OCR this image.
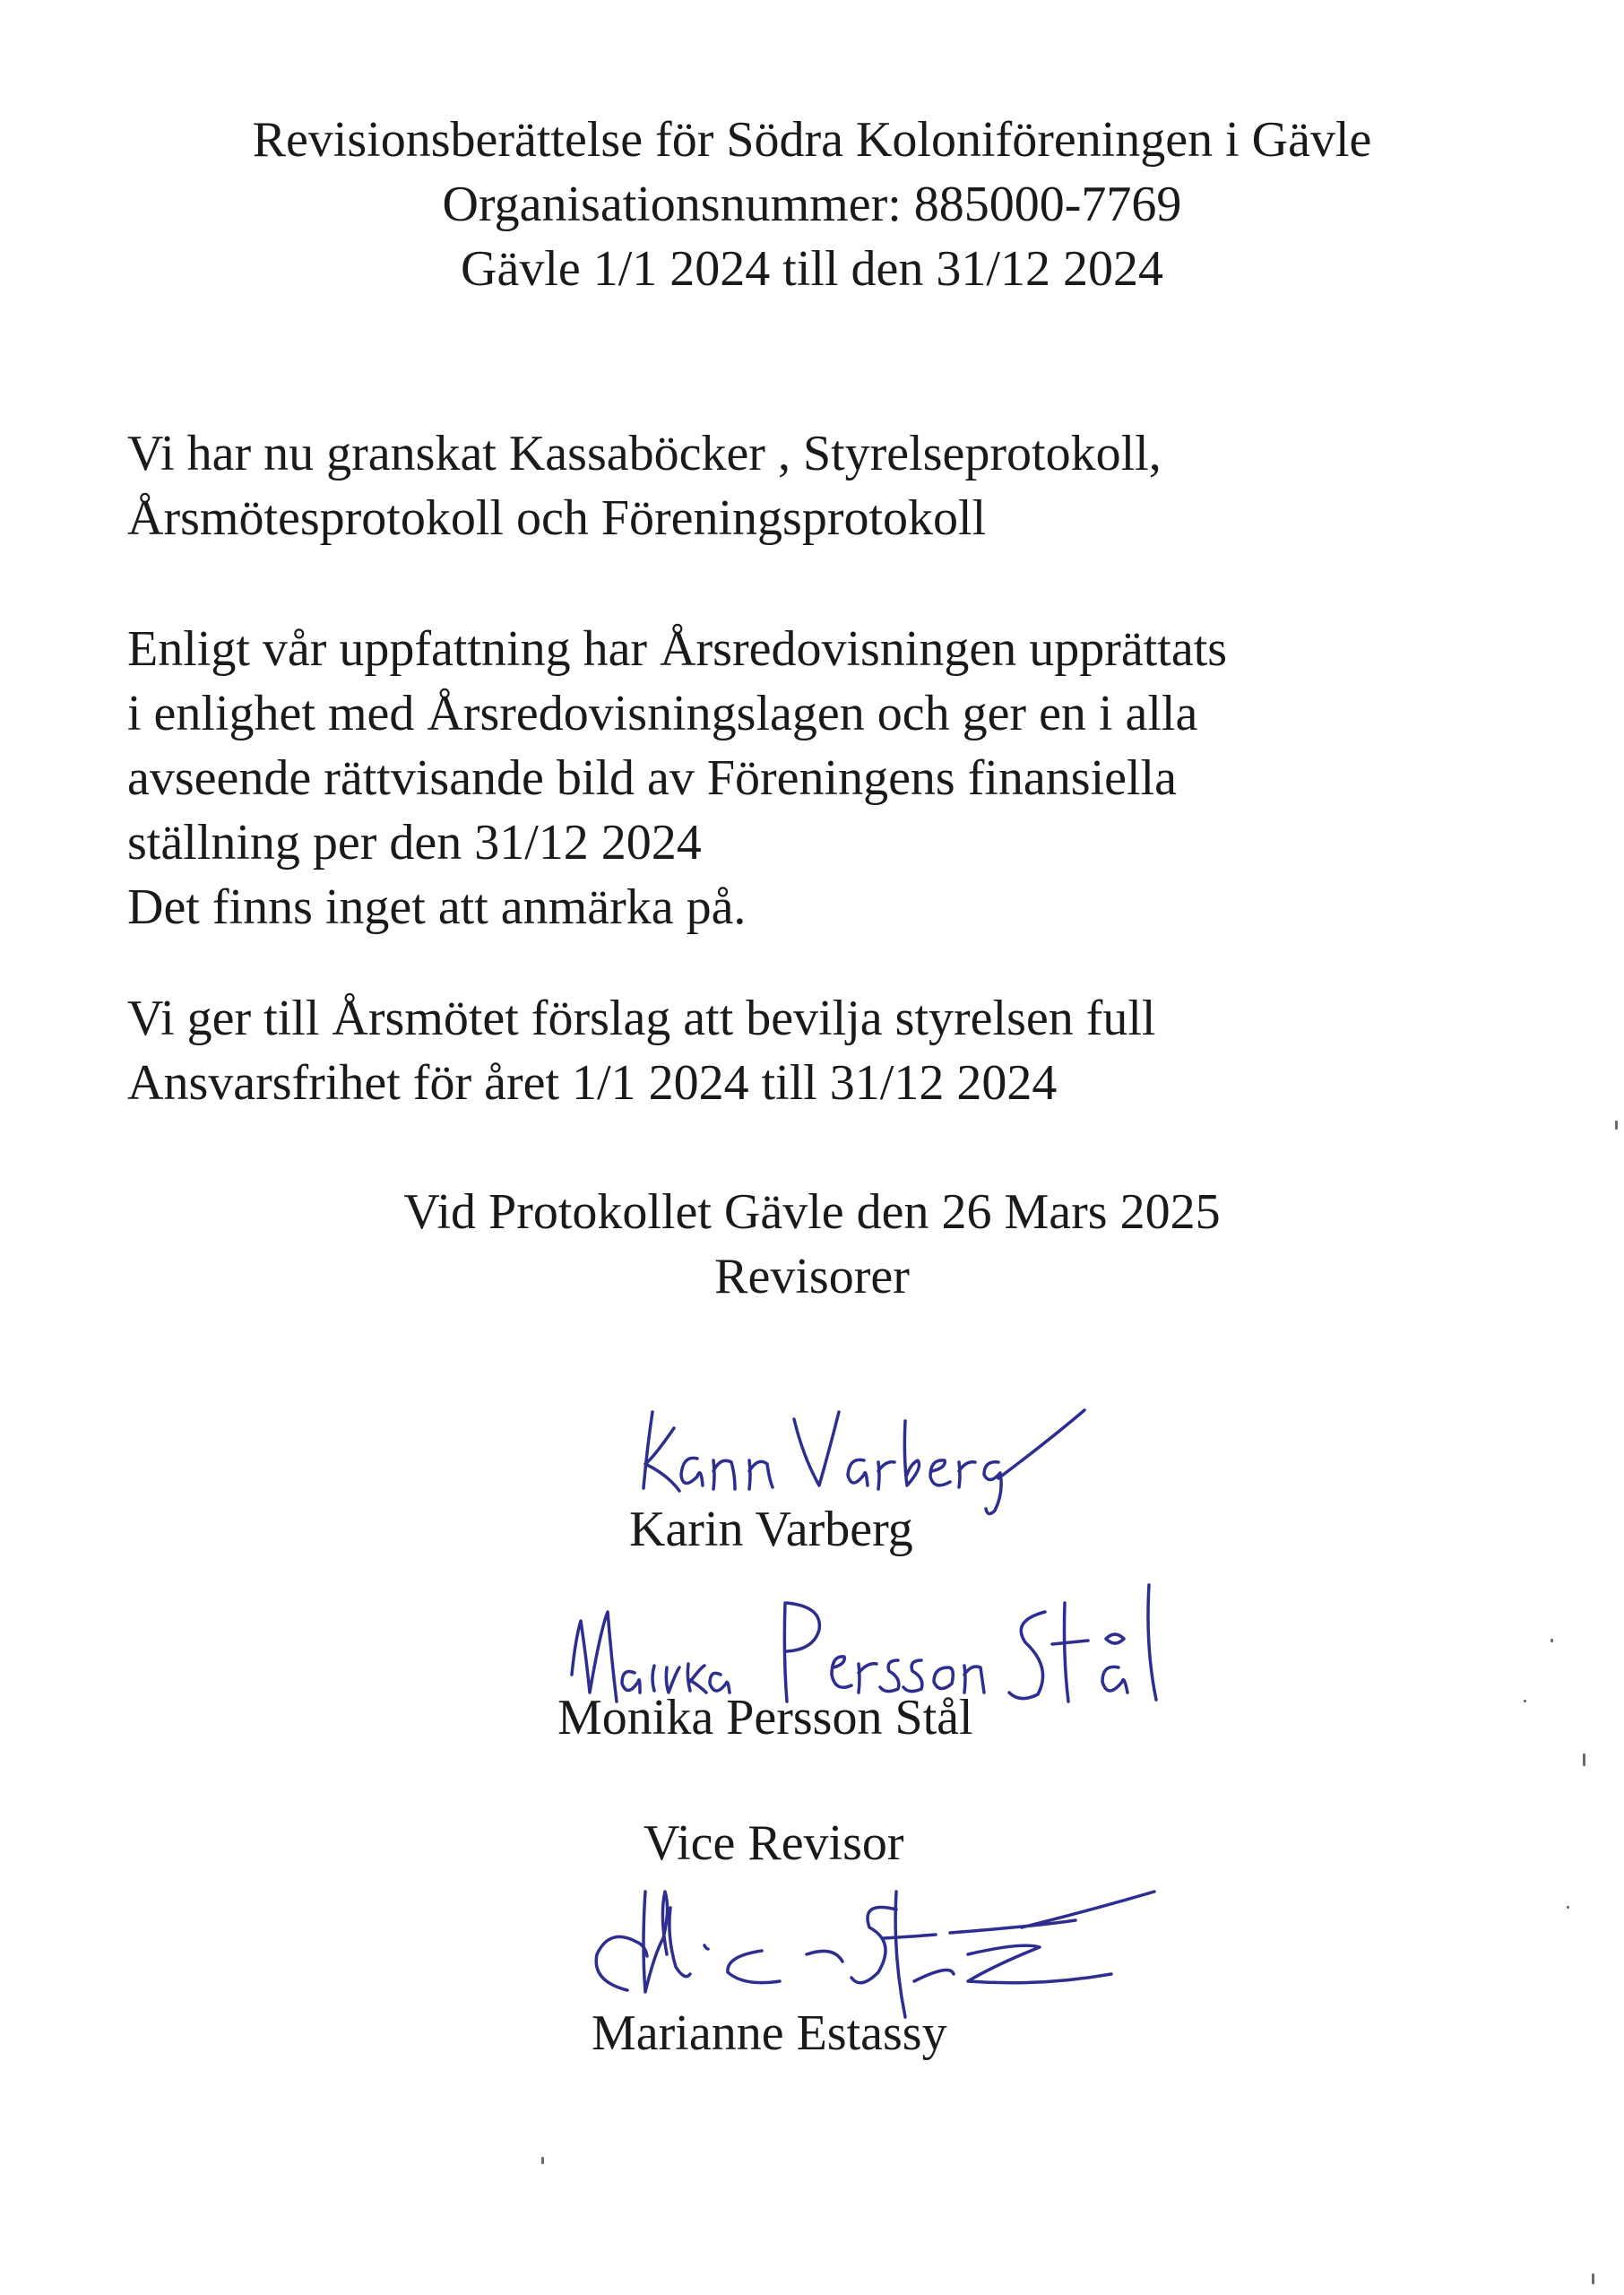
Revisionsberättelse för Södra Koloniföreningen i Gävle
Organisationsnummer: 885000-7769
Gävle 1/1 2024 till den 31/12 2024
Vi har nu granskat Kassaböcker , Styrelseprotokoll,
Årsmötesprotokoll och Föreningsprotokoll
Enligt vår uppfattning har Årsredovisningen upprättats
i enlighet med Årsredovisningslagen och ger en i alla
avseende rättvisande bild av Föreningens finansiella
ställning per den 31/12 2024
Det finns inget att anmärka på.
Vi ger till Årsmötet förslag att bevilja styrelsen full
Ansvarsfrihet för året 1/1 2024 till 31/12 2024
Vid Protokollet Gävle den 26 Mars 2025
Revisorer
Karin Varberg
Monika Persson Stål
Vice Revisor
Marianne Estassy
